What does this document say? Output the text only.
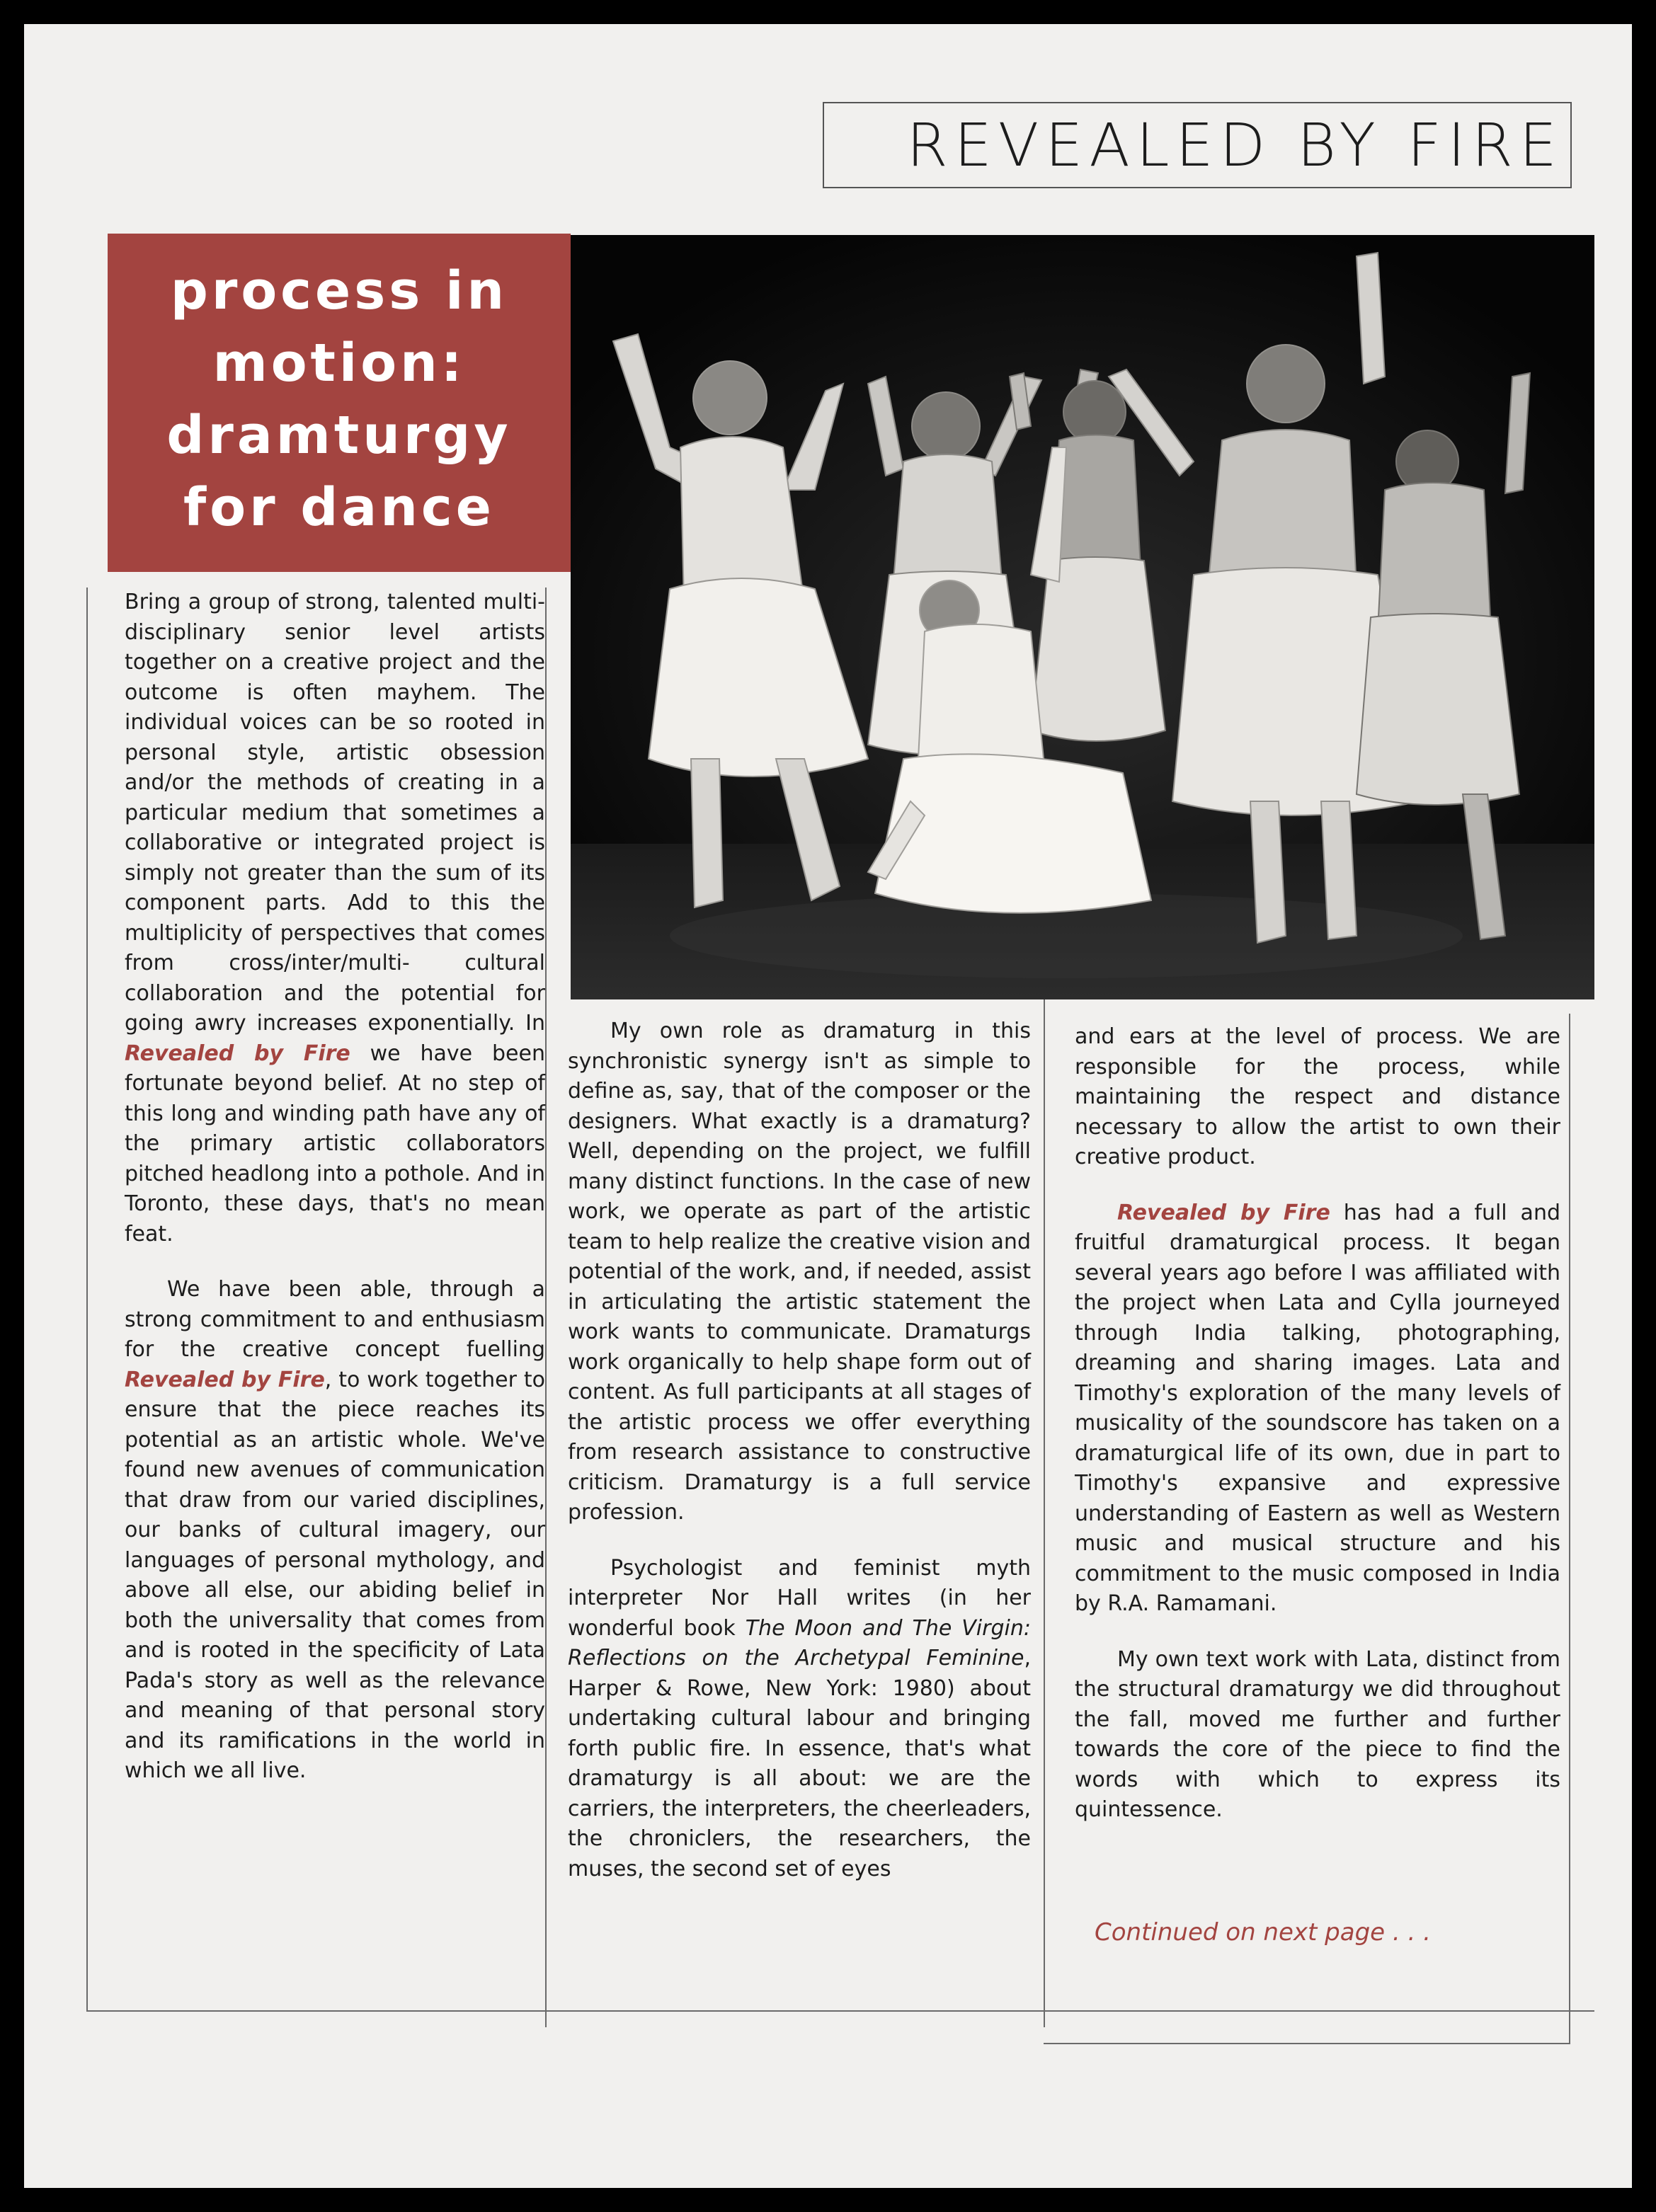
REVEALED BY FIRE
process in
motion:
dramturgy
for dance

Bring a group of strong, talented multi-disciplinary senior level artists together on a creative project and the outcome is often mayhem. The individual voices can be so rooted in personal style, artistic obsession and/or the methods of creating in a particular medium that sometimes a collaborative or integrated project is simply not greater than the sum of its component parts. Add to this the multiplicity of perspectives that comes from cross/inter/multi- cultural collaboration and the potential for going awry increases exponentially. In Revealed by Fire we have been fortunate beyond belief. At no step of this long and winding path have any of the primary artistic collaborators pitched headlong into a pothole. And in Toronto, these days, that's no mean feat.

We have been able, through a strong commitment to and enthusiasm for the creative concept fuelling Revealed by Fire, to work together to ensure that the piece reaches its potential as an artistic whole. We've found new avenues of communication that draw from our varied disciplines, our banks of cultural imagery, our languages of personal mythology, and above all else, our abiding belief in both the universality that comes from and is rooted in the specificity of Lata Pada's story as well as the relevance and meaning of that personal story and its ramifications in the world in which we all live.

My own role as dramaturg in this synchronistic synergy isn't as simple to define as, say, that of the composer or the designers. What exactly is a dramaturg? Well, depending on the project, we fulfill many distinct functions. In the case of new work, we operate as part of the artistic team to help realize the creative vision and potential of the work, and, if needed, assist in articulating the artistic statement the work wants to communicate. Dramaturgs work organically to help shape form out of content. As full participants at all stages of the artistic process we offer everything from research assistance to constructive criticism. Dramaturgy is a full service profession.

Psychologist and feminist myth interpreter Nor Hall writes (in her wonderful book The Moon and The Virgin: Reflections on the Archetypal Feminine, Harper & Rowe, New York: 1980) about undertaking cultural labour and bringing forth public fire. In essence, that's what dramaturgy is all about: we are the carriers, the interpreters, the cheerleaders, the chroniclers, the researchers, the muses, the second set of eyes

and ears at the level of process. We are responsible for the process, while maintaining the respect and distance necessary to allow the artist to own their creative product.

Revealed by Fire has had a full and fruitful dramaturgical process. It began several years ago before I was affiliated with the project when Lata and Cylla journeyed through India talking, photographing, dreaming and sharing images. Lata and Timothy's exploration of the many levels of musicality of the soundscore has taken on a dramaturgical life of its own, due in part to Timothy's expansive and expressive understanding of Eastern as well as Western music and musical structure and his commitment to the music composed in India by R.A. Ramamani.

My own text work with Lata, distinct from the structural dramaturgy we did throughout the fall, moved me further and further towards the core of the piece to find the words with which to express its quintessence.

Continued on next page . . .
